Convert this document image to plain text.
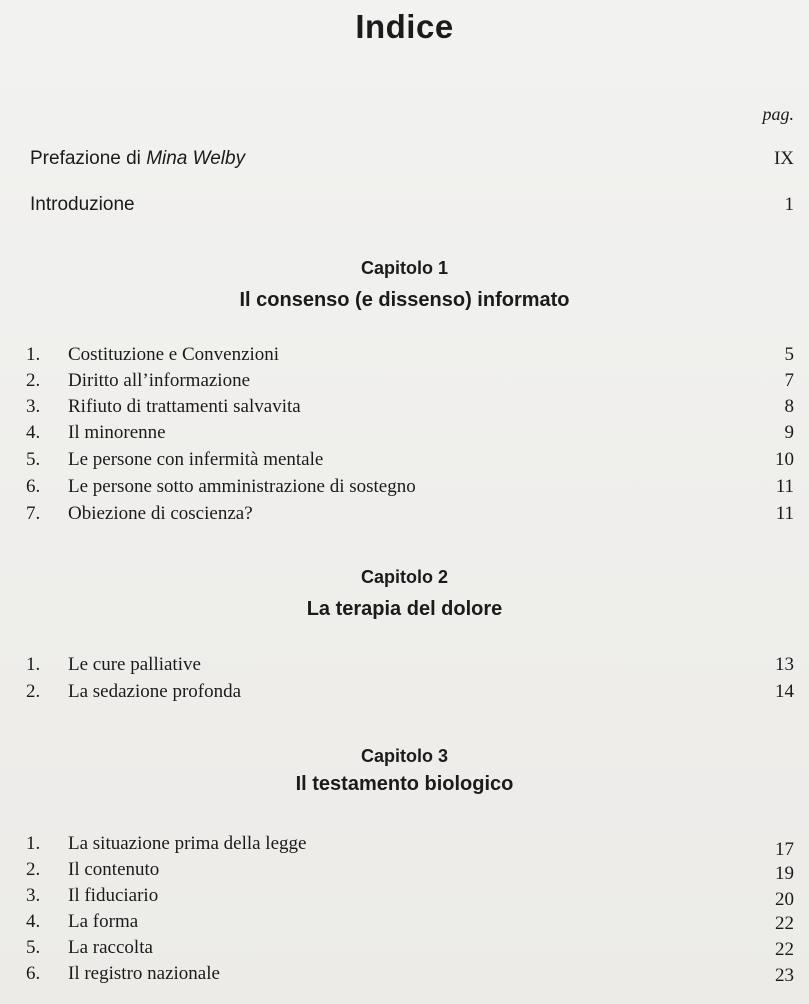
Indice
pag.
Prefazione di Mina Welby	IX
Introduzione	1
Capitolo 1
Il consenso (e dissenso) informato
1.	Costituzione e Convenzioni	5
2.	Diritto all’informazione	7
3.	Rifiuto di trattamenti salvavita	8
4.	Il minorenne	9
5.	Le persone con infermità mentale	10
6.	Le persone sotto amministrazione di sostegno	11
7.	Obiezione di coscienza?	11
Capitolo 2
La terapia del dolore
1.	Le cure palliative	13
2.	La sedazione profonda	14
Capitolo 3
Il testamento biologico
1.	La situazione prima della legge	17
2.	Il contenuto	19
3.	Il fiduciario	20
4.	La forma	22
5.	La raccolta	22
6.	Il registro nazionale	23
